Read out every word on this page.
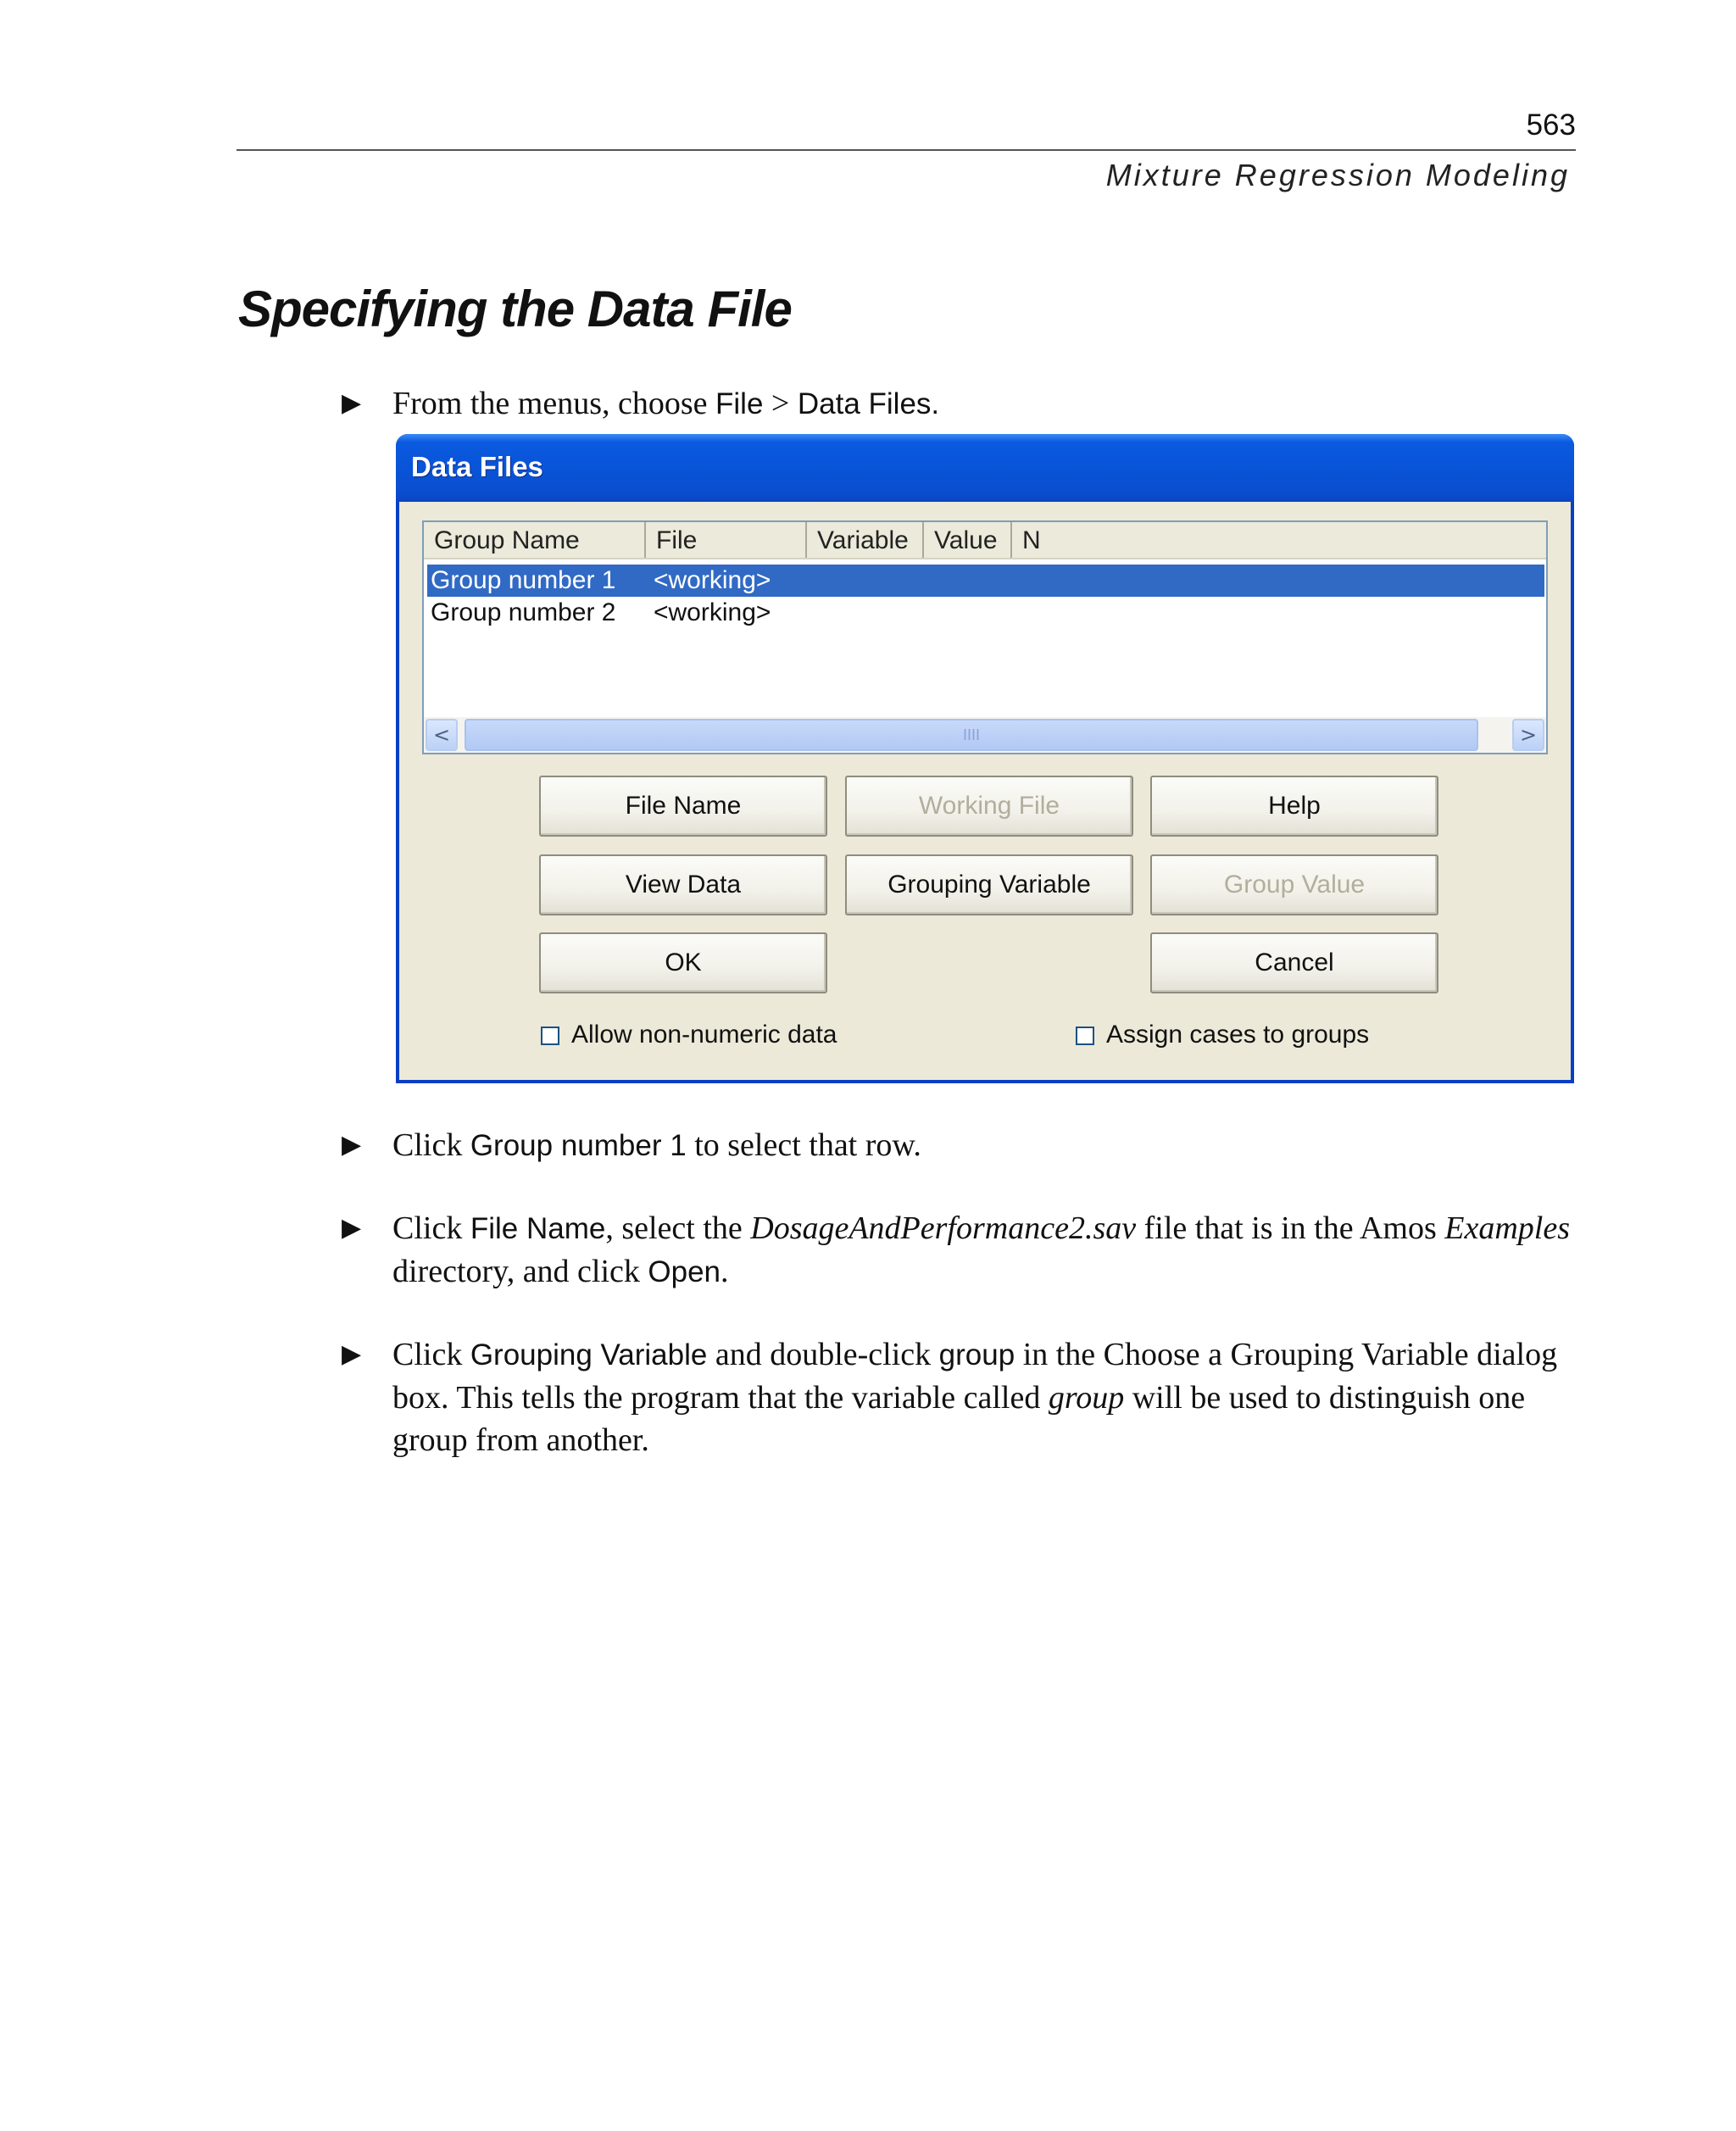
563
Mixture Regression Modeling
Specifying the Data File
▶ From the menus, choose File > Data Files.
Data Files
Group Name	File	Variable	Value N
Group number 1 <working>
Group number 2 <working>
<	IIII	>
File Name	Working File	Help
View Data	Grouping Variable	Group Value
OK	Cancel
Allow non-numeric data	Assign cases to groups
▶ Click Group number 1 to select that row.
▶ Click File Name, select the DosageAndPerformance2.sav file that is in the Amos Examples directory, and click Open.
▶ Click Grouping Variable and double-click group in the Choose a Grouping Variable dialog box. This tells the program that the variable called group will be used to distinguish one group from another.
